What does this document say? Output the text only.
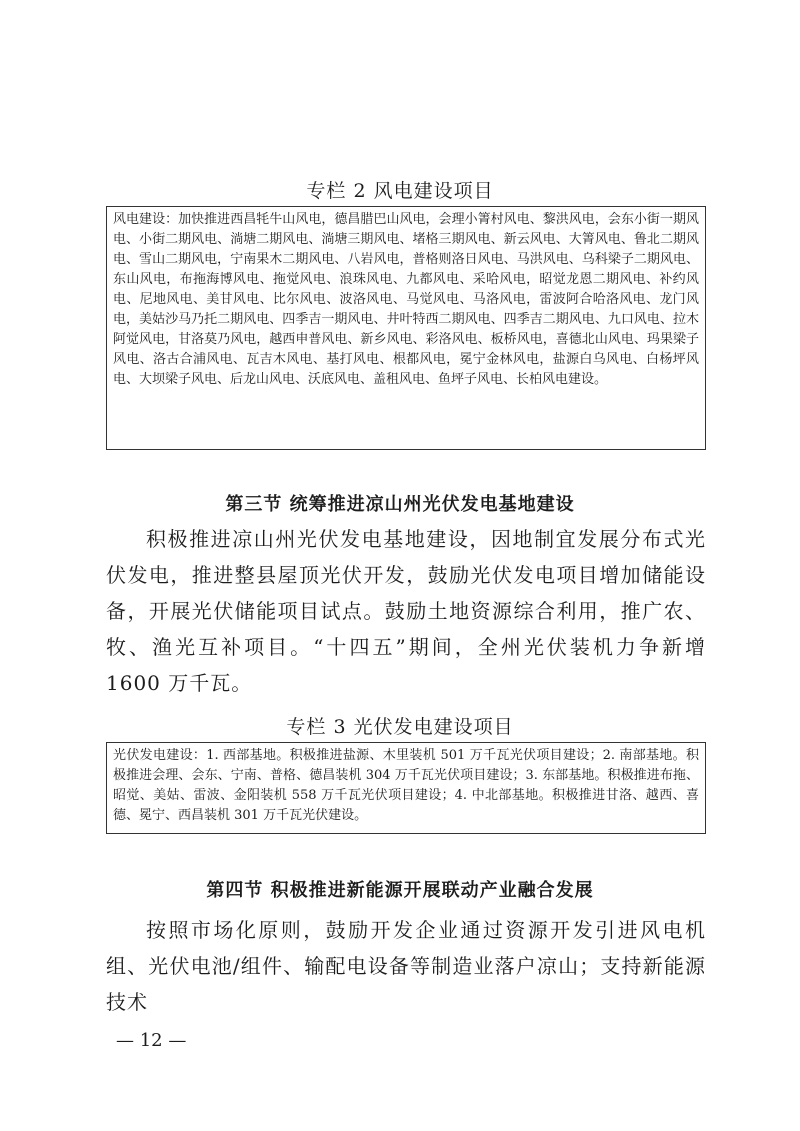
专栏 2 风电建设项目
风电建设：加快推进西昌牦牛山风电，德昌腊巴山风电，会理小箐村风电、黎洪风电，会东小街一期风电、小街二期风电、淌塘二期风电、淌塘三期风电、堵格三期风电、新云风电、大箐风电、鲁北二期风电、雪山二期风电，宁南果木二期风电、八岩风电，普格则洛日风电、马洪风电、乌科梁子二期风电、东山风电，布拖海博风电、拖觉风电、浪珠风电、九都风电、采哈风电，昭觉龙恩二期风电、补约风电、尼地风电、美甘风电、比尔风电、波洛风电、马觉风电、马洛风电，雷波阿合哈洛风电、龙门风电，美姑沙马乃托二期风电、四季吉一期风电、井叶特西二期风电、四季吉二期风电、九口风电、拉木阿觉风电，甘洛莫乃风电，越西申普风电、新乡风电、彩洛风电、板桥风电，喜德北山风电、玛果梁子风电、洛古合浦风电、瓦吉木风电、基打风电、根都风电，冕宁金林风电，盐源白乌风电、白杨坪风电、大坝梁子风电、后龙山风电、沃底风电、盖租风电、鱼坪子风电、长柏风电建设。
第三节 统筹推进凉山州光伏发电基地建设

积极推进凉山州光伏发电基地建设，因地制宜发展分布式光伏发电，推进整县屋顶光伏开发，鼓励光伏发电项目增加储能设备，开展光伏储能项目试点。鼓励土地资源综合利用，推广农、牧、渔光互补项目。“十四五”期间，全州光伏装机力争新增 1600 万千瓦。

专栏 3 光伏发电建设项目
光伏发电建设：1. 西部基地。积极推进盐源、木里装机 501 万千瓦光伏项目建设；2. 南部基地。积极推进会理、会东、宁南、普格、德昌装机 304 万千瓦光伏项目建设；3. 东部基地。积极推进布拖、昭觉、美姑、雷波、金阳装机 558 万千瓦光伏项目建设；4. 中北部基地。积极推进甘洛、越西、喜德、冕宁、西昌装机 301 万千瓦光伏建设。
第四节 积极推进新能源开展联动产业融合发展

按照市场化原则，鼓励开发企业通过资源开发引进风电机组、光伏电池/组件、输配电设备等制造业落户凉山；支持新能源技术

— 12 —
